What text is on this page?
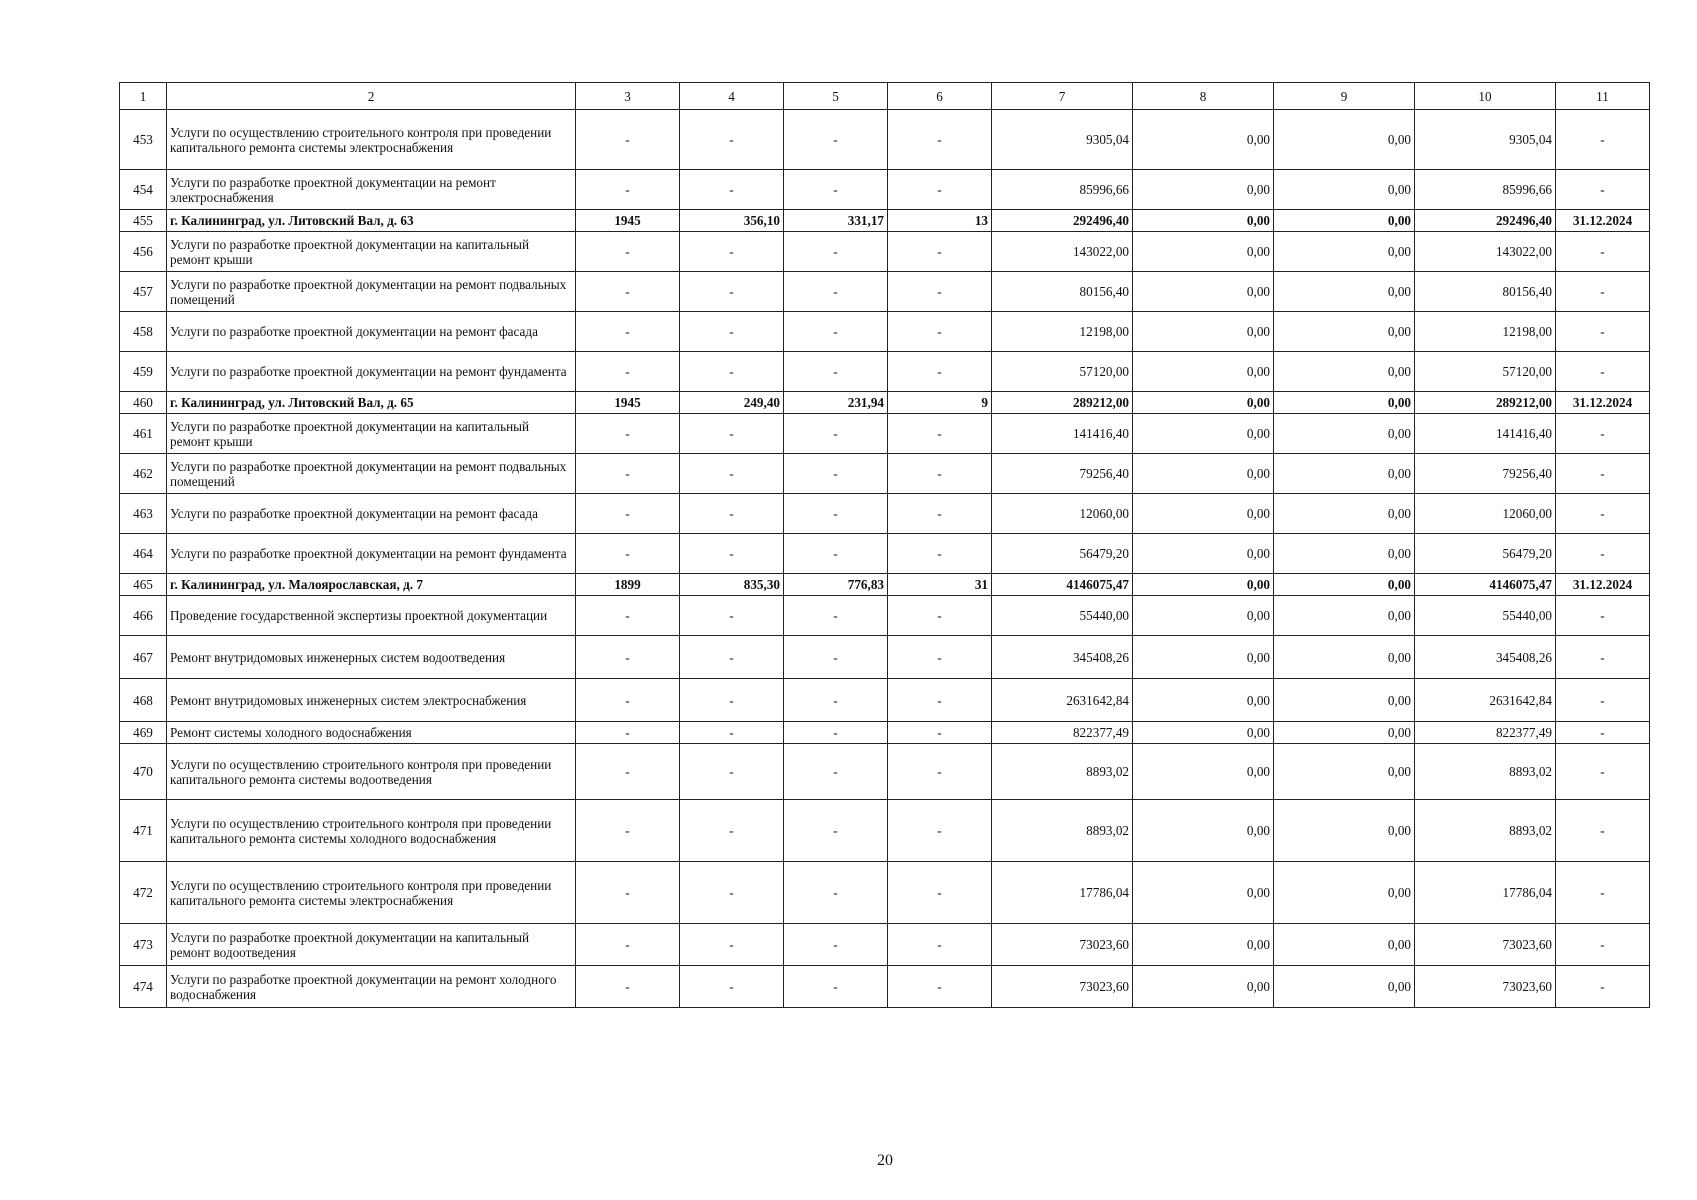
1	2	3	4	5	6	7	8	9	10	11
453	Услуги по осуществлению строительного контроля при проведении капитального ремонта системы электроснабжения	-	-	-	-	9305,04	0,00	0,00	9305,04	-
454	Услуги по разработке проектной документации на ремонт электроснабжения	-	-	-	-	85996,66	0,00	0,00	85996,66	-
455	г. Калининград, ул. Литовский Вал, д. 63	1945	356,10	331,17	13	292496,40	0,00	0,00	292496,40	31.12.2024
456	Услуги по разработке проектной документации на капитальный ремонт крыши	-	-	-	-	143022,00	0,00	0,00	143022,00	-
457	Услуги по разработке проектной документации на ремонт подвальных помещений	-	-	-	-	80156,40	0,00	0,00	80156,40	-
458	Услуги по разработке проектной документации на ремонт фасада	-	-	-	-	12198,00	0,00	0,00	12198,00	-
459	Услуги по разработке проектной документации на ремонт фундамента	-	-	-	-	57120,00	0,00	0,00	57120,00	-
460	г. Калининград, ул. Литовский Вал, д. 65	1945	249,40	231,94	9	289212,00	0,00	0,00	289212,00	31.12.2024
461	Услуги по разработке проектной документации на капитальный ремонт крыши	-	-	-	-	141416,40	0,00	0,00	141416,40	-
462	Услуги по разработке проектной документации на ремонт подвальных помещений	-	-	-	-	79256,40	0,00	0,00	79256,40	-
463	Услуги по разработке проектной документации на ремонт фасада	-	-	-	-	12060,00	0,00	0,00	12060,00	-
464	Услуги по разработке проектной документации на ремонт фундамента	-	-	-	-	56479,20	0,00	0,00	56479,20	-
465	г. Калининград, ул. Малоярославская, д. 7	1899	835,30	776,83	31	4146075,47	0,00	0,00	4146075,47	31.12.2024
466	Проведение государственной экспертизы проектной документации	-	-	-	-	55440,00	0,00	0,00	55440,00	-
467	Ремонт внутридомовых инженерных систем водоотведения	-	-	-	-	345408,26	0,00	0,00	345408,26	-
468	Ремонт внутридомовых инженерных систем электроснабжения	-	-	-	-	2631642,84	0,00	0,00	2631642,84	-
469	Ремонт системы холодного водоснабжения	-	-	-	-	822377,49	0,00	0,00	822377,49	-
470	Услуги по осуществлению строительного контроля при проведении капитального ремонта системы водоотведения	-	-	-	-	8893,02	0,00	0,00	8893,02	-
471	Услуги по осуществлению строительного контроля при проведении капитального ремонта системы холодного водоснабжения	-	-	-	-	8893,02	0,00	0,00	8893,02	-
472	Услуги по осуществлению строительного контроля при проведении капитального ремонта системы электроснабжения	-	-	-	-	17786,04	0,00	0,00	17786,04	-
473	Услуги по разработке проектной документации на капитальный ремонт водоотведения	-	-	-	-	73023,60	0,00	0,00	73023,60	-
474	Услуги по разработке проектной документации на ремонт холодного водоснабжения	-	-	-	-	73023,60	0,00	0,00	73023,60	-
20
